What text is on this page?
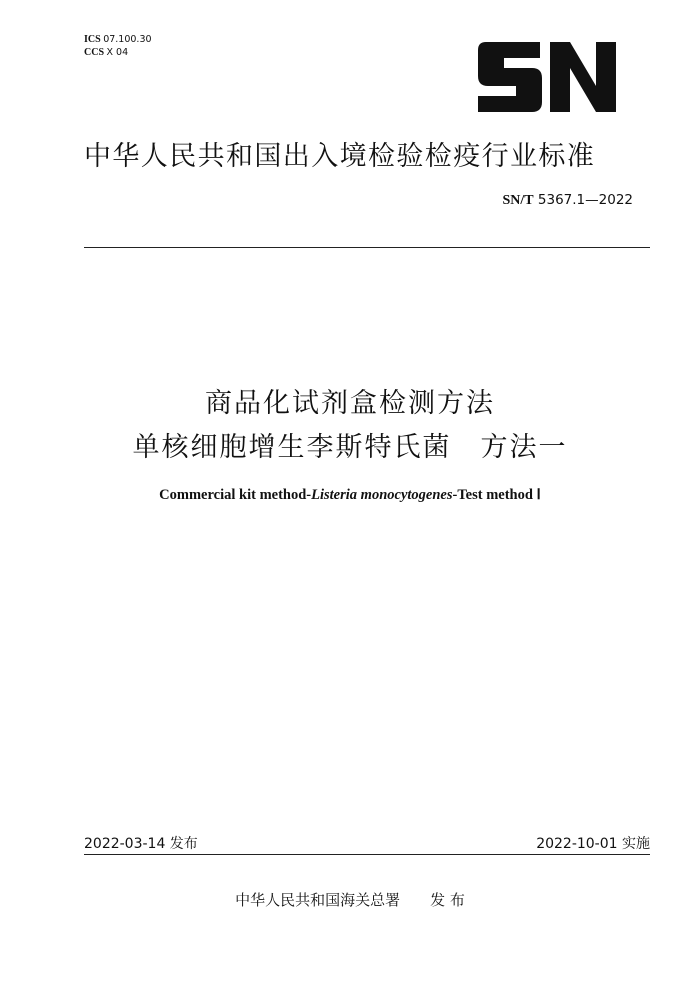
ICS 07.100.30
CCS X 04
中华人民共和国出入境检验检疫行业标准
SN/T 5367.1—2022
商品化试剂盒检测方法
单核细胞增生李斯特氏菌　方法一
Commercial kit method-Listeria monocytogenes-Test method Ⅰ
2022-03-14 发布	2022-10-01 实施
中华人民共和国海关总署　　发 布
